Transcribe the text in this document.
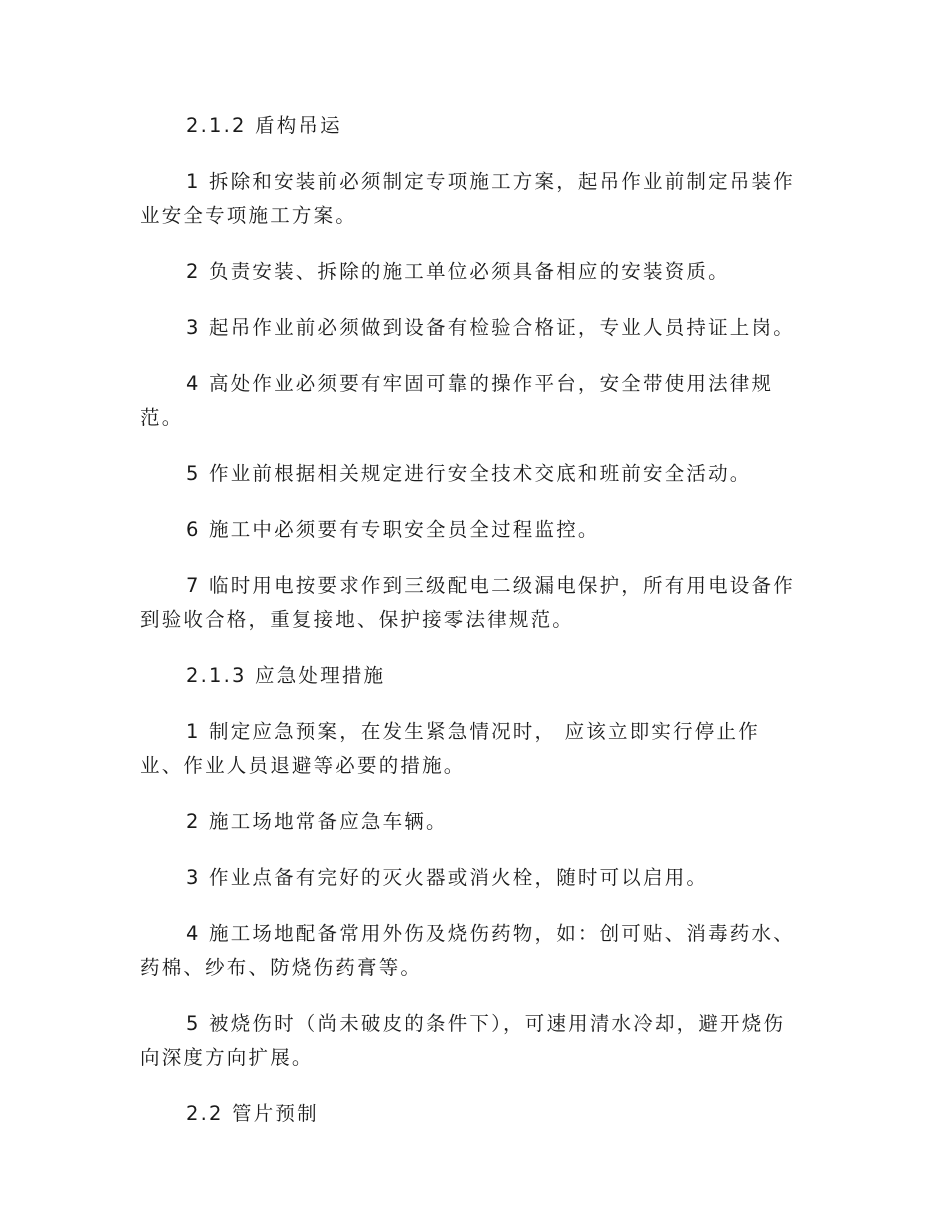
2.1.2 盾构吊运

1 拆除和安装前必须制定专项施工方案，起吊作业前制定吊装作业安全专项施工方案。

2 负责安装、拆除的施工单位必须具备相应的安装资质。

3 起吊作业前必须做到设备有检验合格证，专业人员持证上岗。

4 高处作业必须要有牢固可靠的操作平台，安全带使用法律规范。

5 作业前根据相关规定进行安全技术交底和班前安全活动。

6 施工中必须要有专职安全员全过程监控。

7 临时用电按要求作到三级配电二级漏电保护，所有用电设备作到验收合格，重复接地、保护接零法律规范。

2.1.3 应急处理措施

1 制定应急预案，在发生紧急情况时， 应该立即实行停止作业、作业人员退避等必要的措施。

2 施工场地常备应急车辆。

3 作业点备有完好的灭火器或消火栓，随时可以启用。

4 施工场地配备常用外伤及烧伤药物，如：创可贴、消毒药水、药棉、纱布、防烧伤药膏等。

5 被烧伤时（尚未破皮的条件下），可速用清水冷却，避开烧伤向深度方向扩展。

2.2 管片预制
